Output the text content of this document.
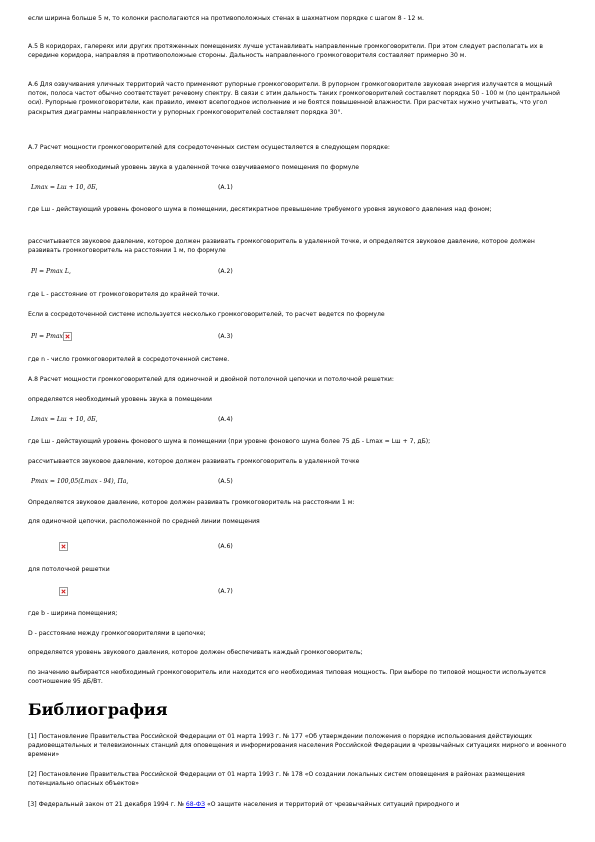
если ширина больше 5 м, то колонки располагаются на противоположных стенах в шахматном порядке с шагом 8 - 12 м.

А.5 В коридорах, галереях или других протяженных помещениях лучше устанавливать направленные громкоговорители. При этом следует располагать их в середине коридора, направляя в противоположные стороны. Дальность направленного громкоговорителя составляет примерно 30 м.

А.6 Для озвучивания уличных территорий часто применяют рупорные громкоговорители. В рупорном громкоговорителе звуковая энергия излучается в мощный поток, полоса частот обычно соответствует речевому спектру. В связи с этим дальность таких громкоговорителей составляет порядка 50 - 100 м (по центральной оси). Рупорные громкоговорители, как правило, имеют всепогодное исполнение и не боятся повышенной влажности. При расчетах нужно учитывать, что угол раскрытия диаграммы направленности у рупорных громкоговорителей составляет порядка 30°.

А.7 Расчет мощности громкоговорителей для сосредоточенных систем осуществляется в следующем порядке:

определяется необходимый уровень звука в удаленной точке озвучиваемого помещения по формуле

Lmax = Lш + 10, дБ,	(А.1)

где Lш - действующий уровень фонового шума в помещении, десятикратное превышение требуемого уровня звукового давления над фоном;

рассчитывается звуковое давление, которое должен развивать громкоговоритель в удаленной точке, и определяется звуковое давление, которое должен развивать громкоговоритель на расстоянии 1 м, по формуле

Pl = Pmax L,	(А.2)

где L - расстояние от громкоговорителя до крайней точки.

Если в сосредоточенной системе используется несколько громкоговорителей, то расчет ведется по формуле

Pl = Pmax	(А.3)

где n - число громкоговорителей в сосредоточенной системе.

А.8 Расчет мощности громкоговорителей для одиночной и двойной потолочной цепочки и потолочной решетки:

определяется необходимый уровень звука в помещении

Lmax = Lш + 10, дБ,	(А.4)

где Lш - действующий уровень фонового шума в помещении (при уровне фонового шума более 75 дБ - Lmax = Lш + 7, дБ);

рассчитывается звуковое давление, которое должен развивать громкоговоритель в удаленной точке

Pmax = 100,05(Lmax - 94), Па,	(А.5)

Определяется звуковое давление, которое должен развивать громкоговоритель на расстоянии 1 м:

для одиночной цепочки, расположенной по средней линии помещения

(А.6)

для потолочной решетки

(А.7)

где b - ширина помещения;

D - расстояние между громкоговорителями в цепочке;

определяется уровень звукового давления, которое должен обеспечивать каждый громкоговоритель;

по значению выбирается необходимый громкоговоритель или находится его необходимая типовая мощность. При выборе по типовой мощности используется соотношение 95 дБ/Вт.

Библиография

[1] Постановление Правительства Российской Федерации от 01 марта 1993 г. № 177 «Об утверждении положения о порядке использования действующих радиовещательных и телевизионных станций для оповещения и информирования населения Российской Федерации в чрезвычайных ситуациях мирного и военного времени»

[2] Постановление Правительства Российской Федерации от 01 марта 1993 г. № 178 «О создании локальных систем оповещения в районах размещения потенциально опасных объектов»

[3] Федеральный закон от 21 декабря 1994 г. № 68-ФЗ «О защите населения и территорий от чрезвычайных ситуаций природного и
